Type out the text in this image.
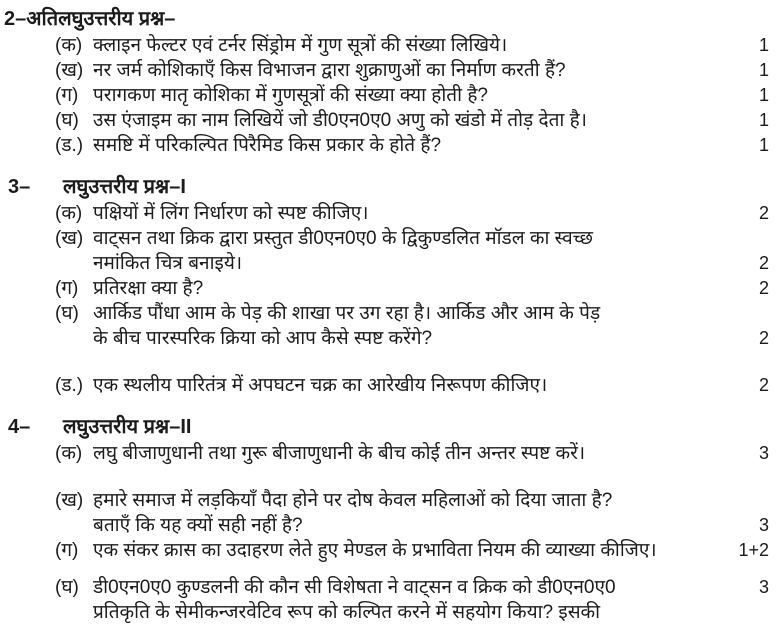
2– अतिलघुउत्तरीय प्रश्न–
(क) क्लाइन फेल्टर एवं टर्नर सिंड्रोम में गुण सूत्रों की संख्या लिखिये।	1
(ख) नर जर्म कोशिकाएँ किस विभाजन द्वारा शुक्राणुओं का निर्माण करती हैं?	1
(ग) परागकण मातृ कोशिका में गुणसूत्रों की संख्या क्या होती है?	1
(घ) उस एंजाइम का नाम लिखियें जो डी0एन0ए0 अणु को खंडो में तोड़ देता है।	1
(ड.) समष्टि में परिकल्पित पिरैमिड किस प्रकार के होते हैं?	1
3–	लघुउत्तरीय प्रश्न–I
(क) पक्षियों में लिंग निर्धारण को स्पष्ट कीजिए।	2
(ख) वाट्सन तथा क्रिक द्वारा प्रस्तुत डी0एन0ए0 के द्विकुण्डलित मॉडल का स्वच्छ
नमांकित चित्र बनाइये।	2
(ग) प्रतिरक्षा क्या है?	2
(घ) आर्किड पौंधा आम के पेड़ की शाखा पर उग रहा है। आर्किड और आम के पेड़
के बीच पारस्परिक क्रिया को आप कैसे स्पष्ट करेंगे?	2
(ड.) एक स्थलीय पारितंत्र में अपघटन चक्र का आरेखीय निरूपण कीजिए।	2
4–	लघुउत्तरीय प्रश्न–II
(क) लघु बीजाणुधानी तथा गुरू बीजाणुधानी के बीच कोई तीन अन्तर स्पष्ट करें।	3
(ख) हमारे समाज में लड़कियाँ पैदा होने पर दोष केवल महिलाओं को दिया जाता है?
बताएँ कि यह क्यों सही नहीं है?	3
(ग) एक संकर क्रास का उदाहरण लेते हुए मेण्डल के प्रभाविता नियम की व्याख्या कीजिए।	1+2
(घ) डी0एन0ए0 कुण्डलनी की कौन सी विशेषता ने वाट्सन व क्रिक को डी0एन0ए0	3
प्रतिकृति के सेमीकन्जरवेटिव रूप को कल्पित करने में सहयोग किया? इसकी
